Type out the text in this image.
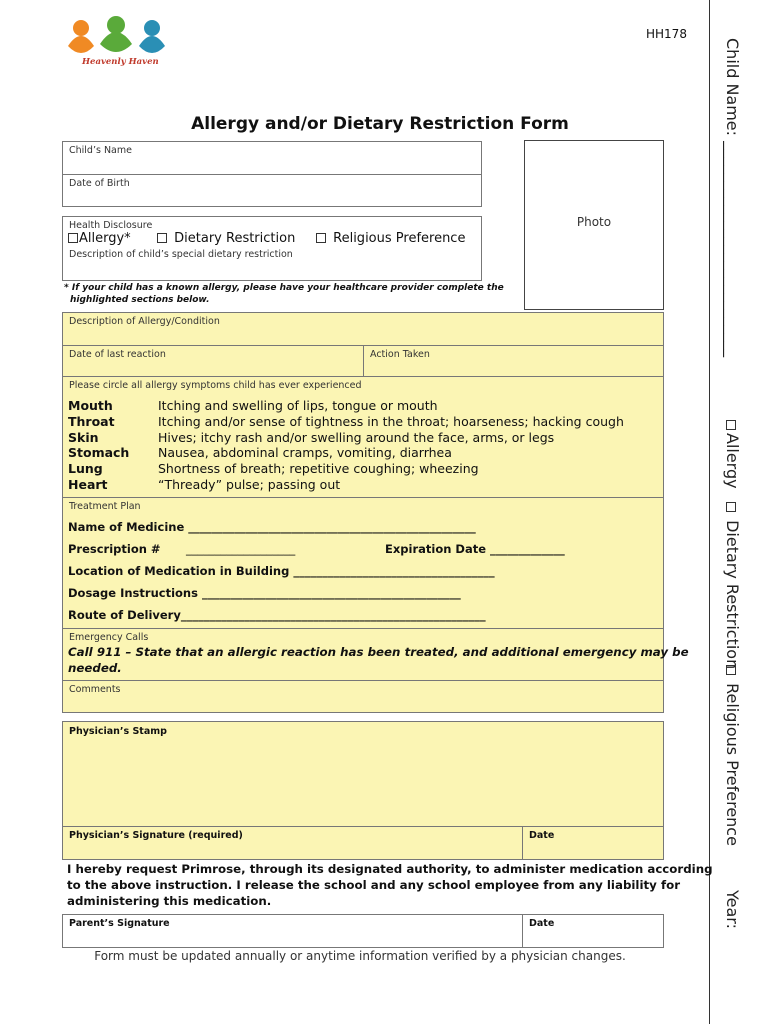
Heavenly Haven
HH178
Child Name: ___________________________
Allergy
Dietary Restriction
Religious Preference
Year:
Allergy and/or Dietary Restriction Form
Child’s Name
Date of Birth
Photo
Health Disclosure
Allergy*	Dietary Restriction	Religious Preference
Description of child’s special dietary restriction
* If your child has a known allergy, please have your healthcare provider complete the
highlighted sections below.
Description of Allergy/Condition
Date of last reaction	Action Taken
Please circle all allergy symptoms child has ever experienced
Mouth	Itching and swelling of lips, tongue or mouth
Throat	Itching and/or sense of tightness in the throat; hoarseness; hacking cough
Skin	Hives; itchy rash and/or swelling around the face, arms, or legs
Stomach Nausea, abdominal cramps, vomiting, diarrhea
Lung	Shortness of breath; repetitive coughing; wheezing
Heart	“Thready” pulse; passing out
Treatment Plan
Name of Medicine __________________________________________________
Prescription # ___________________	Expiration Date _____________
Location of Medication in Building ___________________________________
Dosage Instructions _____________________________________________
Route of Delivery_____________________________________________________
Emergency Calls
Call 911 – State that an allergic reaction has been treated, and additional emergency may be
needed.
Comments
Physician’s Stamp
Physician’s Signature (required)	Date
I hereby request Primrose, through its designated authority, to administer medication according
to the above instruction. I release the school and any school employee from any liability for
administering this medication.
Parent’s Signature	Date
Form must be updated annually or anytime information verified by a physician changes.
